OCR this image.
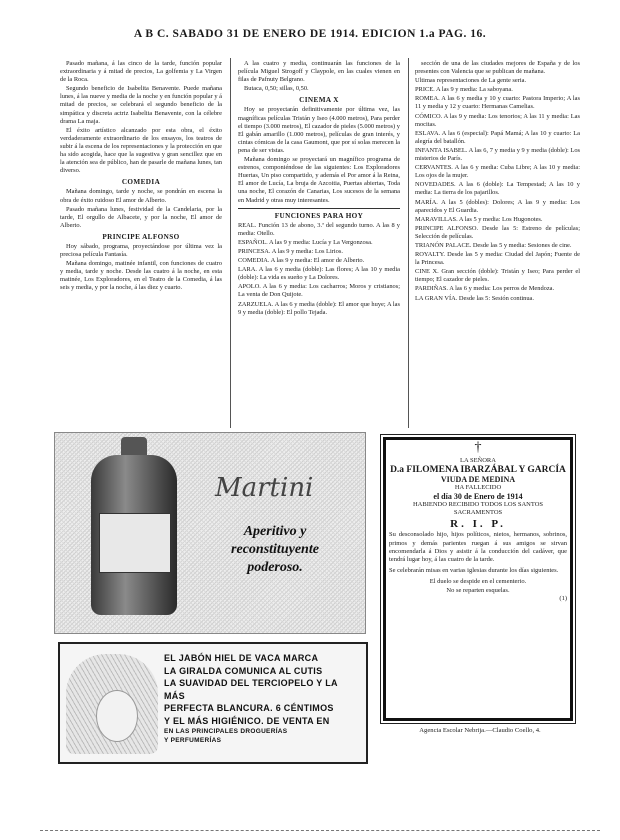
A B C. SABADO 31 DE ENERO DE 1914. EDICION 1.a PAG. 16.

Pasado mañana, á las cinco de la tarde, función popular extraordinaria y á mitad de precios, La golfemia y La Virgen de la Roca.

Segundo beneficio de Isabelita Benavente. Puede mañana lunes, á las nueve y media de la noche y en función popular y á mitad de precios, se celebrará el segundo beneficio de la simpática y discreta actriz Isabelita Benavente, con la célebre drama La maja.

El éxito artístico alcanzado por esta obra, el éxito verdaderamente extraordinario de los ensayos, los teatros de subir á la escena de los representaciones y la protección en que ha sido acogida, hace que la sugestiva y gran sencillez que en la atención sea de público, han de pasarle de mañana lunes, tan diverso.

COMEDIA

Mañana domingo, tarde y noche, se pondrán en escena la obra de éxito ruidoso El amor de Alberto.

Pasado mañana lunes, festividad de la Candelaria, por la tarde, El orgullo de Albacete, y por la noche, El amor de Alberto.

PRINCIPE ALFONSO

Hoy sábado, programa, proyectándose por última vez la preciosa película Fantasía.

Mañana domingo, matinée infantil, con funciones de cuatro y media, tarde y noche. Desde las cuatro á la noche, en esta matinée, Los Exploradores, en el Teatro de la Comedia, á las seis y media, y por la noche, á las diez y cuarto.

A las cuatro y media, continuarán las funciones de la película Miguel Strogoff y Claypole, en las cuales vienen en filas de Pafnuty Belgrano.

Butaca, 0,50; sillas, 0,50.

CINEMA X

Hoy se proyectarán definitivamente por última vez, las magníficas películas Tristán y Iseo (4.000 metros), Para perder el tiempo (3.000 metros), El cazador de pieles (5.000 metros) y El gabán amarillo (1.000 metros), películas de gran interés, y cintas cómicas de la casa Gaumont, que por sí solas merecen la pena de ser vistas.

Mañana domingo se proyectará un magnífico programa de estrenos, componiéndose de las siguientes: Los Exploradores Huertas, Un piso compartido, y además el Por amor á la Reina, El amor de Lucía, La bruja de Azcoitia, Puertas abiertas, Toda una noche, El corazón de Canarias, Los sucesos de la semana en Madrid y otras muy interesantes.

FUNCIONES PARA HOY
REAL. Función 13 de abono, 3.ª del segundo turno. A las 8 y media: Otello.
ESPAÑOL. A las 9 y media: Lucía y La Vergonzosa.
PRINCESA. A las 9 y media: Los Lirios.
COMEDIA. A las 9 y media: El amor de Alberto.
LARA. A las 6 y media (doble): Las flores; A las 10 y media (doble): La vida es sueño y La Dolores.
APOLO. A las 6 y media: Los cacharros; Moros y cristianos; La venta de Don Quijote.
ZARZUELA. A las 6 y media (doble): El amor que huye; A las 9 y media (doble): El pollo Tejada.

sección de una de las ciudades mejores de España y de los presentes con Valencia que se publican de mañana.

Ultimas representaciones de La gente seria.
PRICE. A las 9 y media: La saboyana.
ROMEA. A las 6 y media y 10 y cuarto: Pastora Imperio; A las 11 y media y 12 y cuarto: Hermanas Camelias.
CÓMICO. A las 9 y media: Los tenorios; A las 11 y media: Las mocitas.
ESLAVA. A las 6 (especial): Papá Mamá; A las 10 y cuarto: La alegría del batallón.
INFANTA ISABEL. A las 6, 7 y media y 9 y media (doble): Los misterios de París.
CERVANTES. A las 6 y media: Cuba Libre; A las 10 y media: Los ojos de la mujer.
NOVEDADES. A las 6 (doble): La Tempestad; A las 10 y media: La tierra de los pajarillos.
MARÍA. A las 5 (dobles): Dolores; A las 9 y media: Los aparecidos y El Guardia.
MARAVILLAS. A las 5 y media: Los Hugonotes.
PRINCIPE ALFONSO. Desde las 5: Estreno de películas; Selección de películas.
TRIANÓN PALACE. Desde las 5 y media: Sesiones de cine.
ROYALTY. Desde las 5 y media: Ciudad del Japón; Fuente de la Princesa.
CINE X. Gran sección (doble): Tristán y Iseo; Para perder el tiempo; El cazador de pieles.
PARDIÑAS. A las 6 y media: Los perros de Mendoza.
LA GRAN VÍA. Desde las 5: Sesión continua.
Martini
Aperitivo y reconstituyente poderoso.
EL JABÓN HIEL DE VACA MARCA
LA GIRALDA COMUNICA AL CUTIS
LA SUAVIDAD DEL TERCIOPELO Y LA MÁS
PERFECTA BLANCURA. 6 CÉNTIMOS
Y EL MÁS HIGIÉNICO. DE VENTA EN
EN LAS PRINCIPALES DROGUERÍAS
Y PERFUMERÍAS
†
LA SEÑORA
D.a FILOMENA IBARZÁBAL Y GARCÍA
VIUDA DE MEDINA
HA FALLECIDO
el día 30 de Enero de 1914
HABIENDO RECIBIDO TODOS LOS SANTOS SACRAMENTOS
R. I. P.
Su desconsolado hijo, hijos políticos, nietos, hermanos, sobrinos, primos y demás parientes ruegan á sus amigos se sirvan encomendarla á Dios y asistir á la conducción del cadáver, que tendrá lugar hoy, á las cuatro de la tarde.
Se celebrarán misas en varias iglesias durante los días siguientes.
El duelo se despide en el cementerio.
No se reparten esquelas.
(1)
Agencia Escolar Nebrija.—Claudio Coello, 4.
